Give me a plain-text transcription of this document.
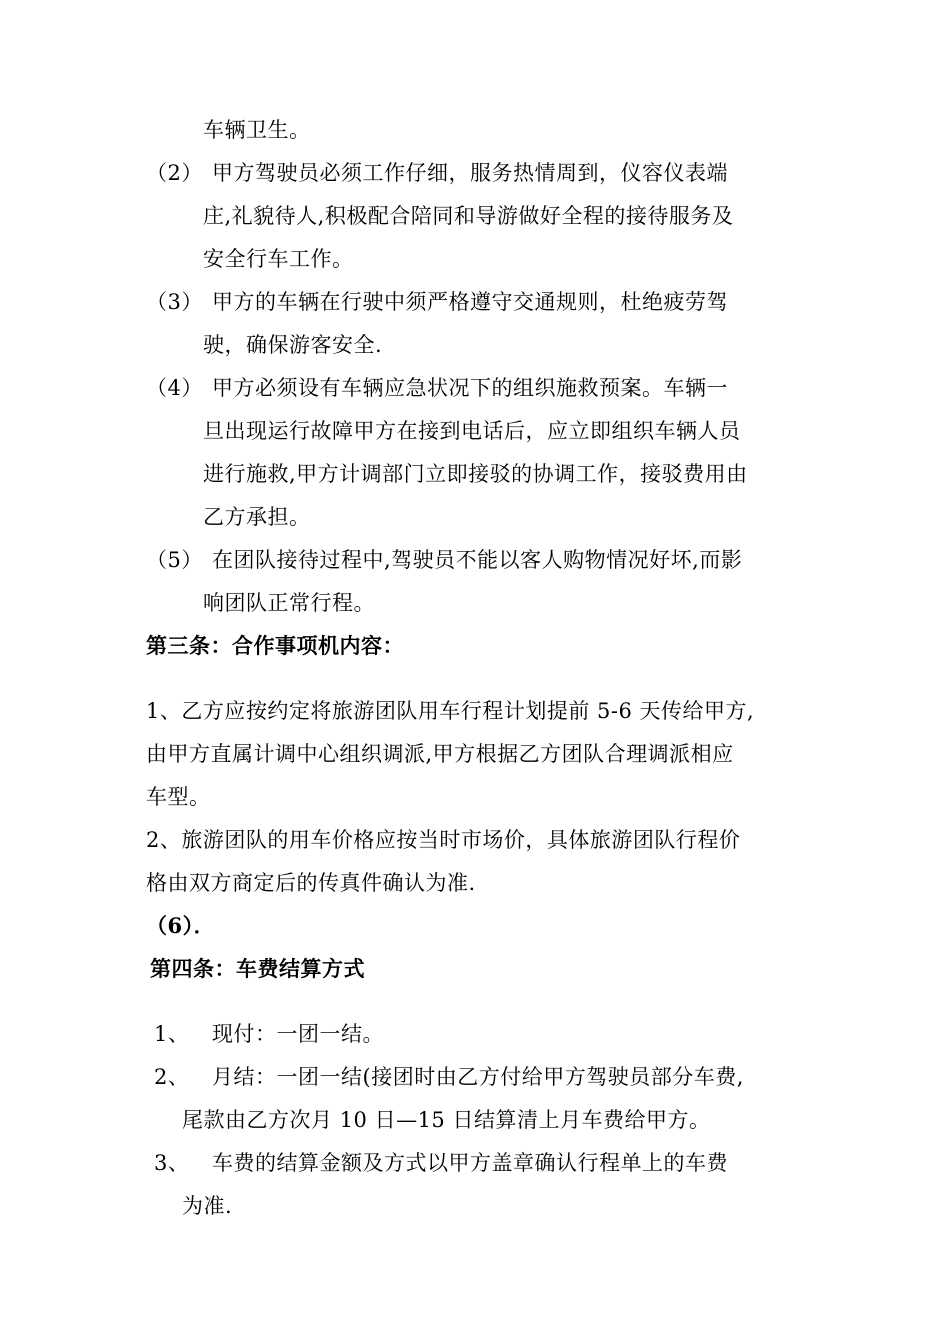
车辆卫生。
（2） 甲方驾驶员必须工作仔细，服务热情周到，仪容仪表端
庄,礼貌待人,积极配合陪同和导游做好全程的接待服务及
安全行车工作。
（3） 甲方的车辆在行驶中须严格遵守交通规则，杜绝疲劳驾
驶，确保游客安全.
（4） 甲方必须设有车辆应急状况下的组织施救预案。车辆一
旦出现运行故障甲方在接到电话后，应立即组织车辆人员
进行施救,甲方计调部门立即接驳的协调工作，接驳费用由
乙方承担。
（5） 在团队接待过程中,驾驶员不能以客人购物情况好坏,而影
响团队正常行程。
第三条：合作事项机内容：
1、乙方应按约定将旅游团队用车行程计划提前 5-6 天传给甲方,
由甲方直属计调中心组织调派,甲方根据乙方团队合理调派相应
车型。
2、旅游团队的用车价格应按当时市场价，具体旅游团队行程价
格由双方商定后的传真件确认为准.
（6）．
第四条：车费结算方式
1、 现付：一团一结。
2、 月结：一团一结(接团时由乙方付给甲方驾驶员部分车费,
尾款由乙方次月 10 日—15 日结算清上月车费给甲方。
3、 车费的结算金额及方式以甲方盖章确认行程单上的车费
为准.
